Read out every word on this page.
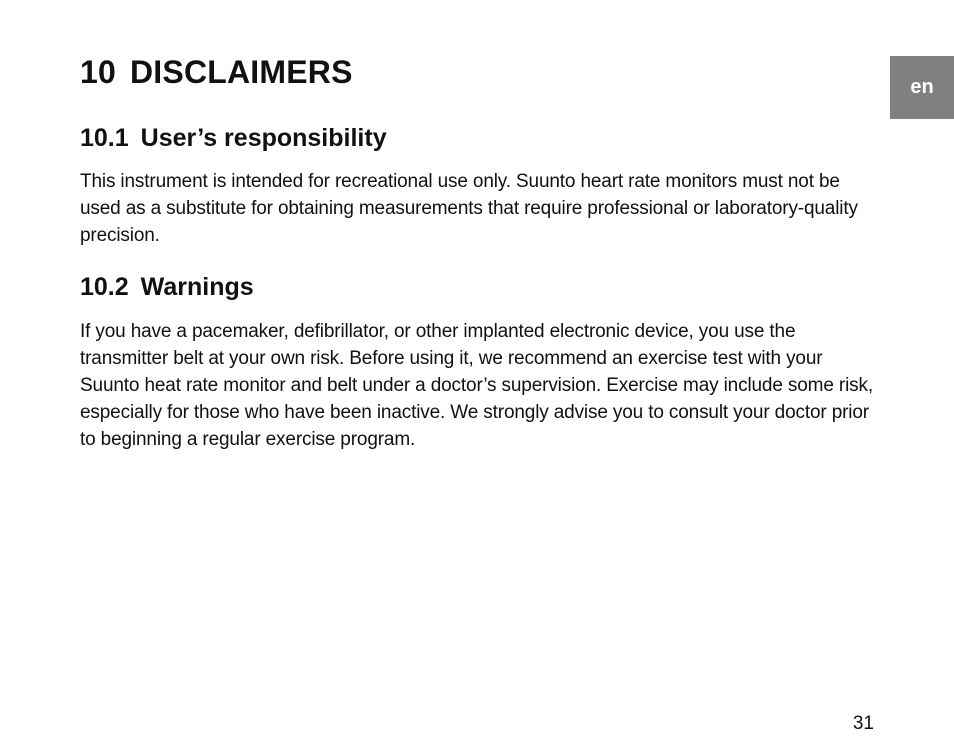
10 DISCLAIMERS	en
10.1 User’s responsibility

This instrument is intended for recreational use only. Suunto heart rate monitors must not be used as a substitute for obtaining measurements that require professional or laboratory-quality precision.

10.2 Warnings

If you have a pacemaker, defibrillator, or other implanted electronic device, you use the transmitter belt at your own risk. Before using it, we recommend an exercise test with your Suunto heat rate monitor and belt under a doctor’s supervision. Exercise may include some risk, especially for those who have been inactive. We strongly advise you to consult your doctor prior to beginning a regular exercise program.

31
